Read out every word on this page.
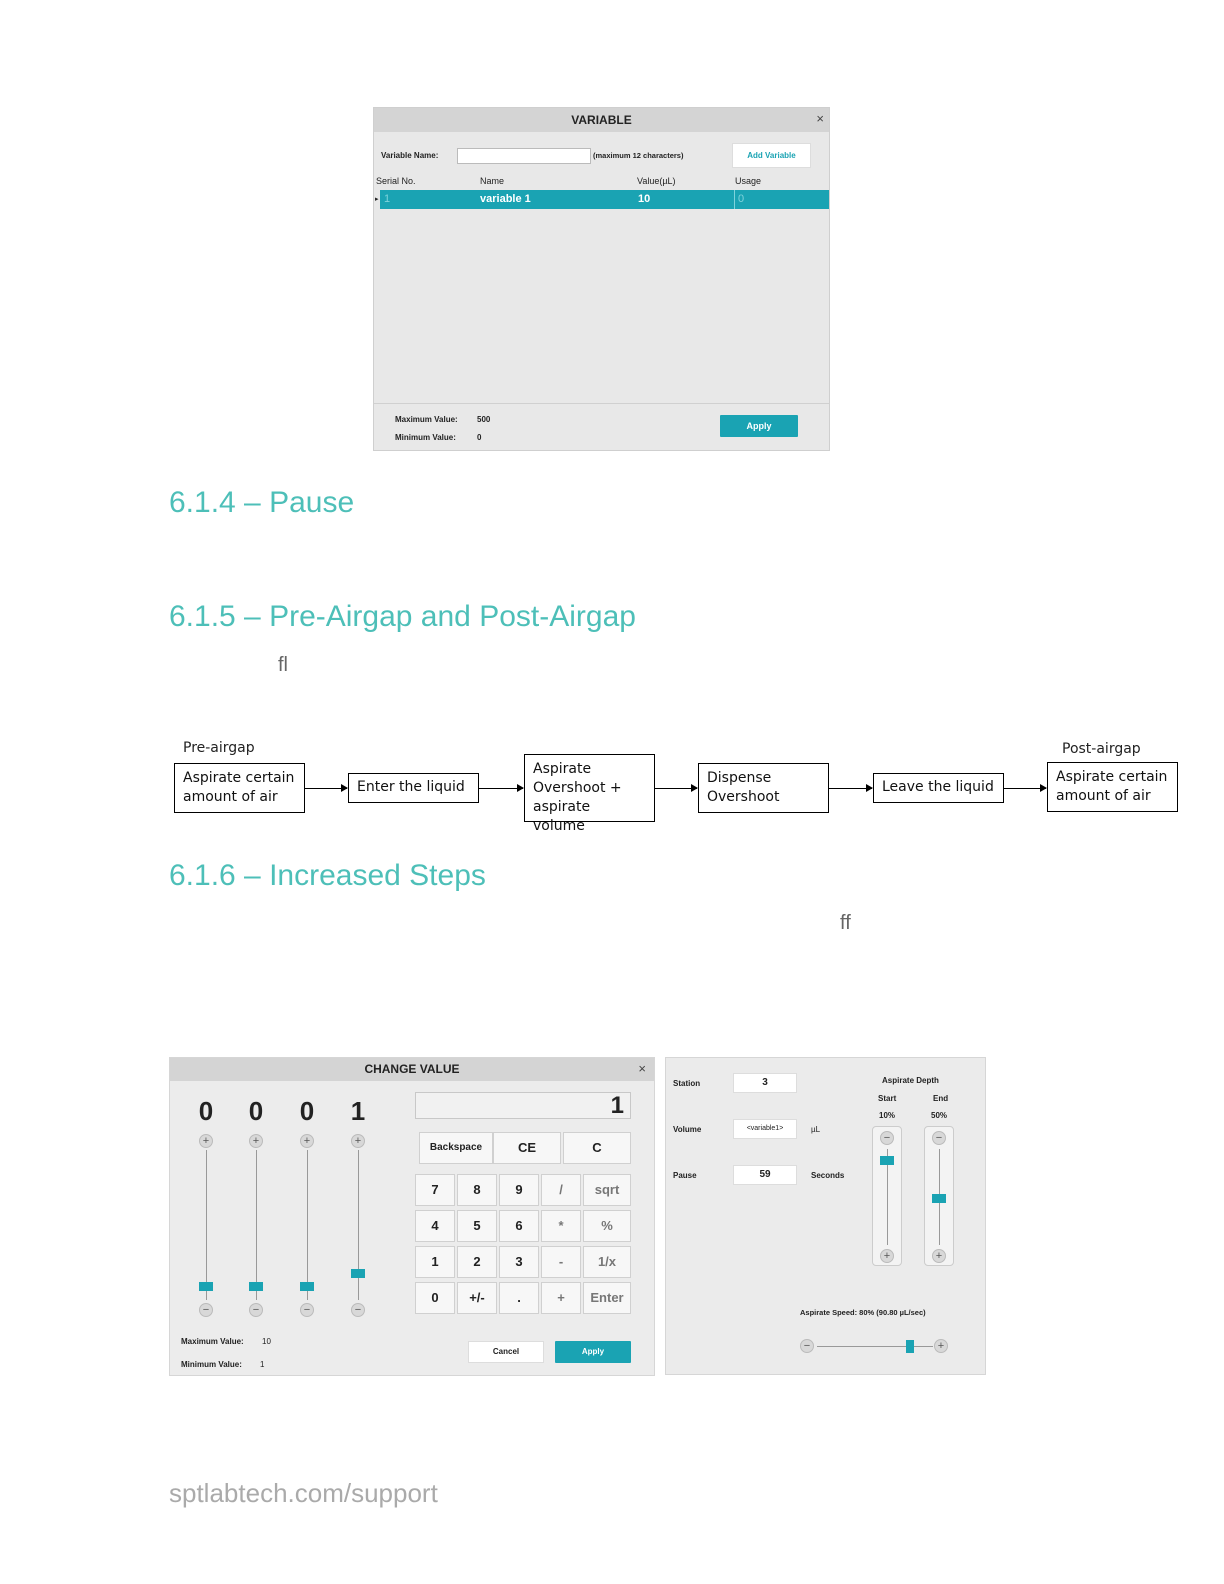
VARIABLE	×
Variable Name:	(maximum 12 characters)	Add Variable
Serial No.	Name	Value(µL)	Usage
▸ 1	variable 1	10	0
Maximum Value: 500
Minimum Value:	0
Apply
6.1.4 – Pause
6.1.5 – Pre-Airgap and Post-Airgap
fl
Pre-airgap	Post-airgap
Aspirate certain amount of air
Enter the liquid
Aspirate Overshoot + aspirate volume
Dispense Overshoot
Leave the liquid
Aspirate certain amount of air
6.1.6 – Increased Steps
ff
CHANGE VALUE	×
0
+
−
0
+
−
0
+
−
1
+
−
1
Backspace	CE	C
7	8	9	/	sqrt
4	5	6	*	%
1	2	3	-	1/x
0	+/-	.	+	Enter
Maximum Value: 10
Minimum Value: 1
Cancel	Apply
Station	3
Volume	<variable1>	µL
Pause	59	Seconds
Aspirate Depth
Start	End
10%	50%
−
+
−
+
Aspirate Speed: 80% (90.80 µL/sec)
−	+
sptlabtech.com/support
